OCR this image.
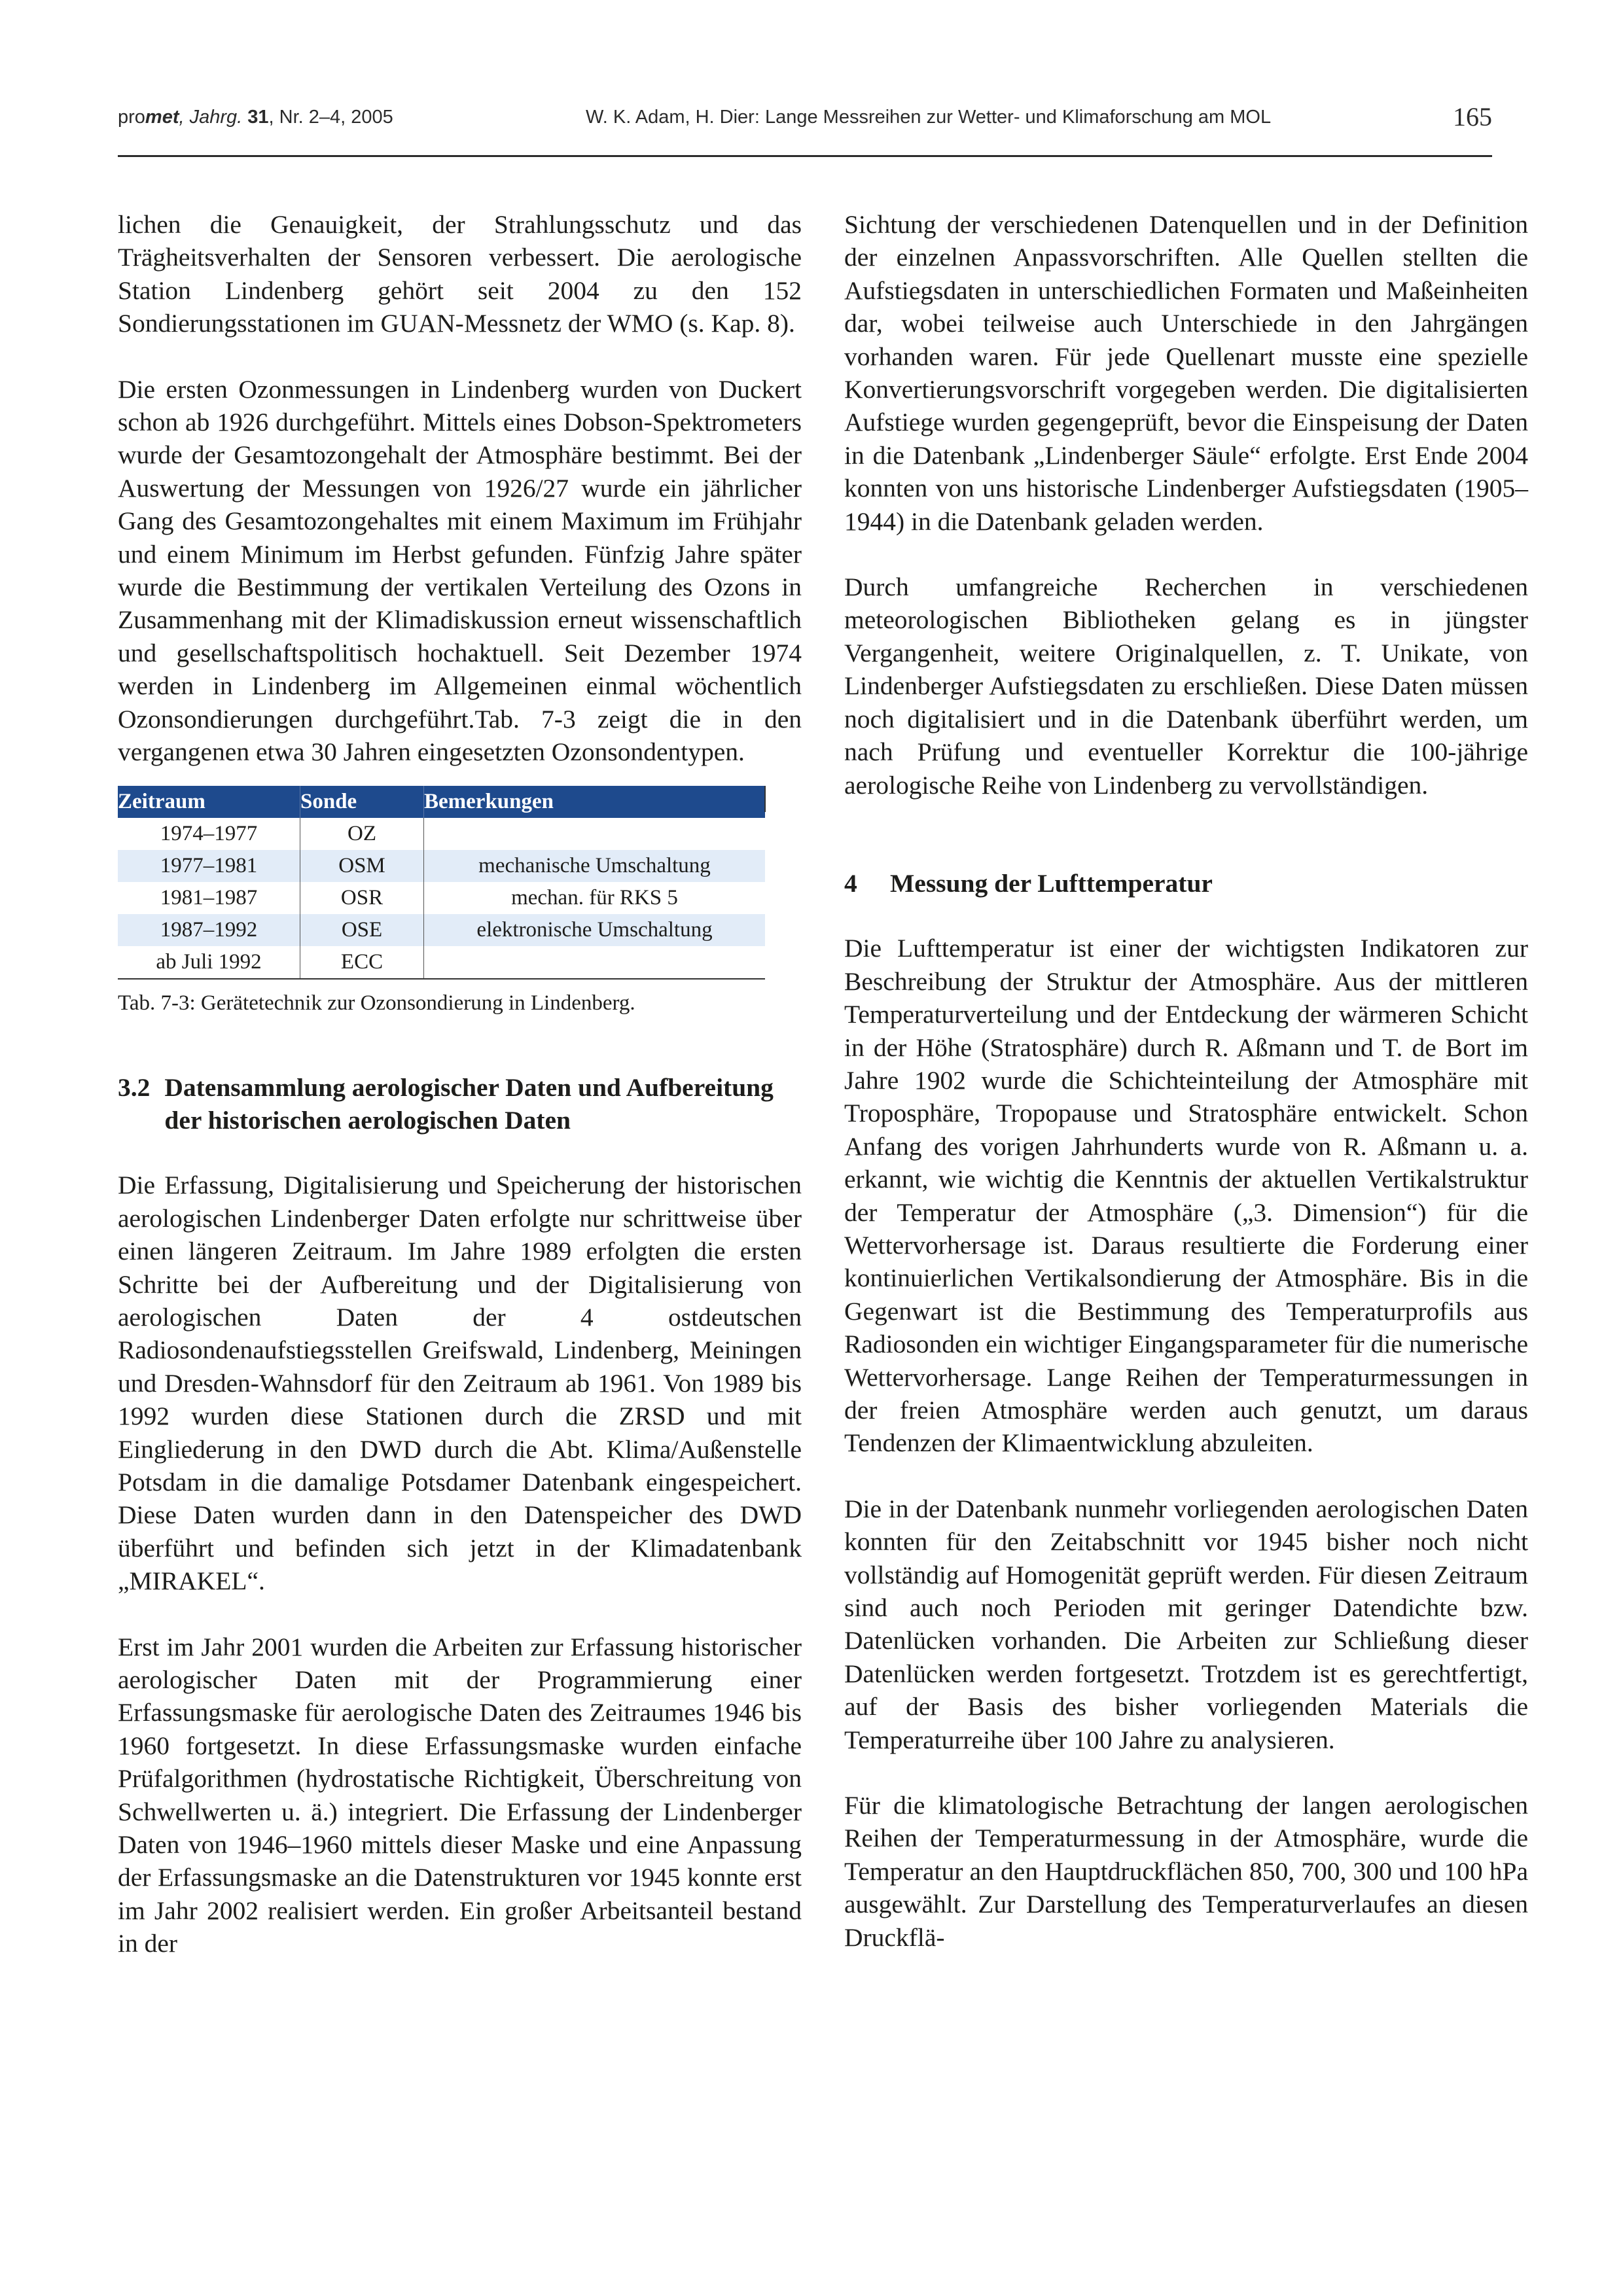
promet, Jahrg. 31, Nr. 2–4, 2005	W. K. Adam, H. Dier: Lange Messreihen zur Wetter- und Klimaforschung am MOL	165

lichen die Genauigkeit, der Strahlungsschutz und das Trägheitsverhalten der Sensoren verbessert. Die aerologische Station Lindenberg gehört seit 2004 zu den 152 Sondierungsstationen im GUAN-Messnetz der WMO (s. Kap. 8).

Die ersten Ozonmessungen in Lindenberg wurden von Duckert schon ab 1926 durchgeführt. Mittels eines Dobson-Spektrometers wurde der Gesamtozongehalt der Atmosphäre bestimmt. Bei der Auswertung der Messungen von 1926/27 wurde ein jährlicher Gang des Gesamtozongehaltes mit einem Maximum im Frühjahr und einem Minimum im Herbst gefunden. Fünfzig Jahre später wurde die Bestimmung der vertikalen Verteilung des Ozons in Zusammenhang mit der Klimadiskussion erneut wissenschaftlich und gesellschaftspolitisch hochaktuell. Seit Dezember 1974 werden in Lindenberg im Allgemeinen einmal wöchentlich Ozonsondierungen durchgeführt.Tab. 7-3 zeigt die in den vergangenen etwa 30 Jahren eingesetzten Ozonsondentypen.

Zeitraum	Sonde	Bemerkungen
1974–1977	OZ	
1977–1981	OSM	mechanische Umschaltung
1981–1987	OSR	mechan. für RKS 5
1987–1992	OSE	elektronische Umschaltung
ab Juli 1992	ECC	
Tab. 7-3: Gerätetechnik zur Ozonsondierung in Lindenberg.
3.2 Datensammlung aerologischer Daten und Aufbereitung der historischen aerologischen Daten

Die Erfassung, Digitalisierung und Speicherung der historischen aerologischen Lindenberger Daten erfolgte nur schrittweise über einen längeren Zeitraum. Im Jahre 1989 erfolgten die ersten Schritte bei der Aufbereitung und der Digitalisierung von aerologischen Daten der 4 ostdeutschen Radiosondenaufstiegsstellen Greifswald, Lindenberg, Meiningen und Dresden-Wahnsdorf für den Zeitraum ab 1961. Von 1989 bis 1992 wurden diese Stationen durch die ZRSD und mit Eingliederung in den DWD durch die Abt. Klima/Außenstelle Potsdam in die damalige Potsdamer Datenbank eingespeichert. Diese Daten wurden dann in den Datenspeicher des DWD überführt und befinden sich jetzt in der Klimadatenbank „MIRAKEL“.

Erst im Jahr 2001 wurden die Arbeiten zur Erfassung historischer aerologischer Daten mit der Programmierung einer Erfassungsmaske für aerologische Daten des Zeitraumes 1946 bis 1960 fortgesetzt. In diese Erfassungsmaske wurden einfache Prüfalgorithmen (hydrostatische Richtigkeit, Überschreitung von Schwellwerten u. ä.) integriert. Die Erfassung der Lindenberger Daten von 1946–1960 mittels dieser Maske und eine Anpassung der Erfassungsmaske an die Datenstrukturen vor 1945 konnte erst im Jahr 2002 realisiert werden. Ein großer Arbeitsanteil bestand in der

Sichtung der verschiedenen Datenquellen und in der Definition der einzelnen Anpassvorschriften. Alle Quellen stellten die Aufstiegsdaten in unterschiedlichen Formaten und Maßeinheiten dar, wobei teilweise auch Unterschiede in den Jahrgängen vorhanden waren. Für jede Quellenart musste eine spezielle Konvertierungsvorschrift vorgegeben werden. Die digitalisierten Aufstiege wurden gegengeprüft, bevor die Einspeisung der Daten in die Datenbank „Lindenberger Säule“ erfolgte. Erst Ende 2004 konnten von uns historische Lindenberger Aufstiegsdaten (1905–1944) in die Datenbank geladen werden.

Durch umfangreiche Recherchen in verschiedenen meteorologischen Bibliotheken gelang es in jüngster Vergangenheit, weitere Originalquellen, z. T. Unikate, von Lindenberger Aufstiegsdaten zu erschließen. Diese Daten müssen noch digitalisiert und in die Datenbank überführt werden, um nach Prüfung und eventueller Korrektur die 100-jährige aerologische Reihe von Lindenberg zu vervollständigen.

4	Messung der Lufttemperatur

Die Lufttemperatur ist einer der wichtigsten Indikatoren zur Beschreibung der Struktur der Atmosphäre. Aus der mittleren Temperaturverteilung und der Entdeckung der wärmeren Schicht in der Höhe (Stratosphäre) durch R. Aßmann und T. de Bort im Jahre 1902 wurde die Schichteinteilung der Atmosphäre mit Troposphäre, Tropopause und Stratosphäre entwickelt. Schon Anfang des vorigen Jahrhunderts wurde von R. Aßmann u. a. erkannt, wie wichtig die Kenntnis der aktuellen Vertikalstruktur der Temperatur der Atmosphäre („3. Dimension“) für die Wettervorhersage ist. Daraus resultierte die Forderung einer kontinuierlichen Vertikalsondierung der Atmosphäre. Bis in die Gegenwart ist die Bestimmung des Temperaturprofils aus Radiosonden ein wichtiger Eingangsparameter für die numerische Wettervorhersage. Lange Reihen der Temperaturmessungen in der freien Atmosphäre werden auch genutzt, um daraus Tendenzen der Klimaentwicklung abzuleiten.

Die in der Datenbank nunmehr vorliegenden aerologischen Daten konnten für den Zeitabschnitt vor 1945 bisher noch nicht vollständig auf Homogenität geprüft werden. Für diesen Zeitraum sind auch noch Perioden mit geringer Datendichte bzw. Datenlücken vorhanden. Die Arbeiten zur Schließung dieser Datenlücken werden fortgesetzt. Trotzdem ist es gerechtfertigt, auf der Basis des bisher vorliegenden Materials die Temperaturreihe über 100 Jahre zu analysieren.

Für die klimatologische Betrachtung der langen aerologischen Reihen der Temperaturmessung in der Atmosphäre, wurde die Temperatur an den Hauptdruckflächen 850, 700, 300 und 100 hPa ausgewählt. Zur Darstellung des Temperaturverlaufes an diesen Druckflä-
